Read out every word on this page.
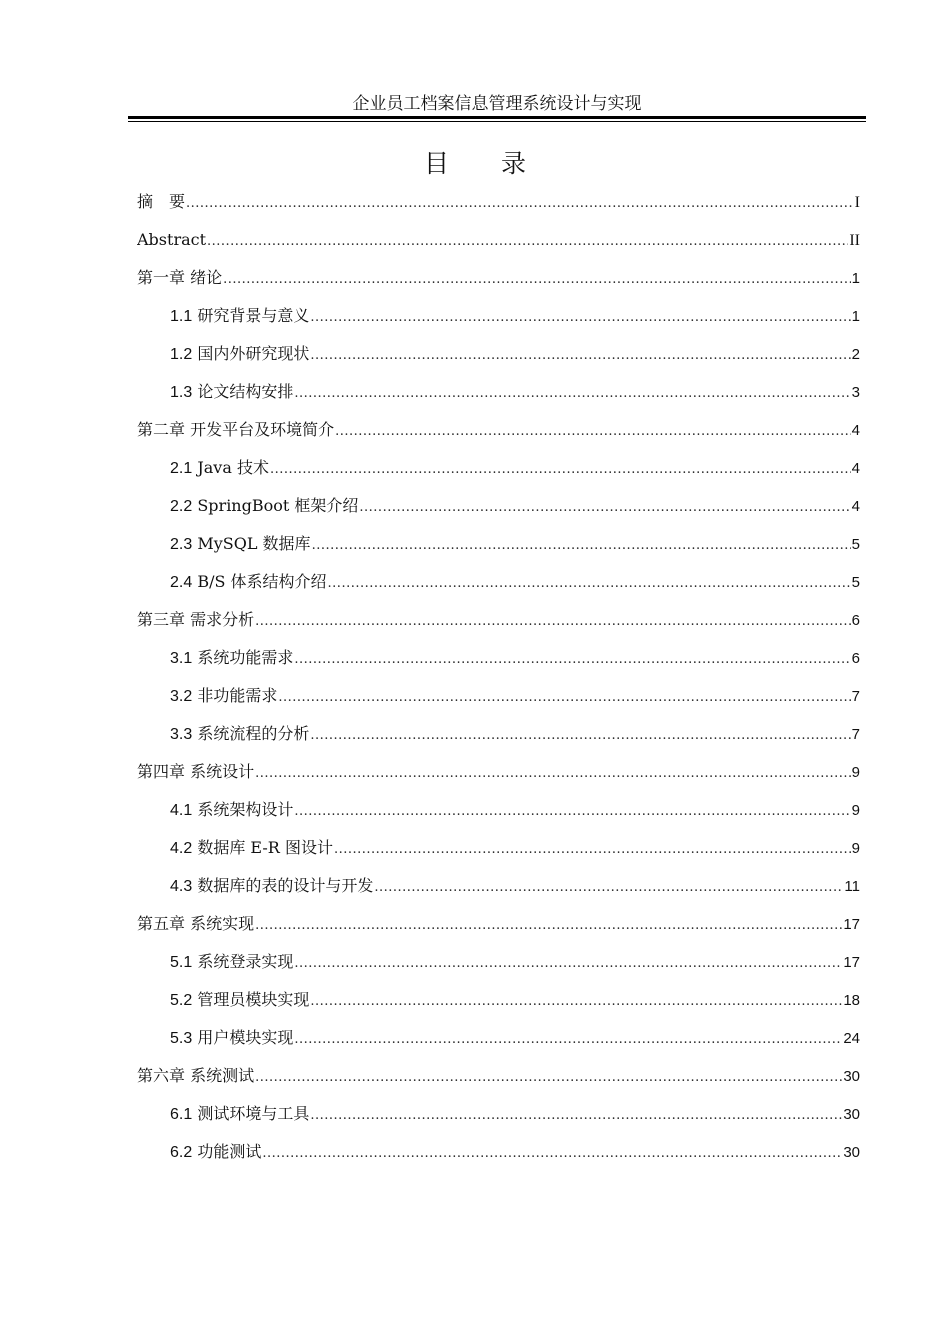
企业员工档案信息管理系统设计与实现
目 录
摘　要 .....	I
Abstract .....	II
第一章 绪论 .....	1
1.1 研究背景与意义 .....	1
1.2 国内外研究现状 .....	2
1.3 论文结构安排 .....	3
第二章 开发平台及环境简介 .....	4
2.1 Java 技术 .....	4
2.2 SpringBoot 框架介绍 .....	4
2.3 MySQL 数据库 .....	5
2.4 B/S 体系结构介绍 .....	5
第三章 需求分析 .....	6
3.1 系统功能需求 .....	6
3.2 非功能需求 .....	7
3.3 系统流程的分析 .....	7
第四章 系统设计 .....	9
4.1 系统架构设计 .....	9
4.2 数据库 E-R 图设计 .....	9
4.3 数据库的表的设计与开发 .....	11
第五章 系统实现 .....	17
5.1 系统登录实现 .....	17
5.2 管理员模块实现 .....	18
5.3 用户模块实现 .....	24
第六章 系统测试 .....	30
6.1 测试环境与工具 .....	30
6.2 功能测试 .....	30
